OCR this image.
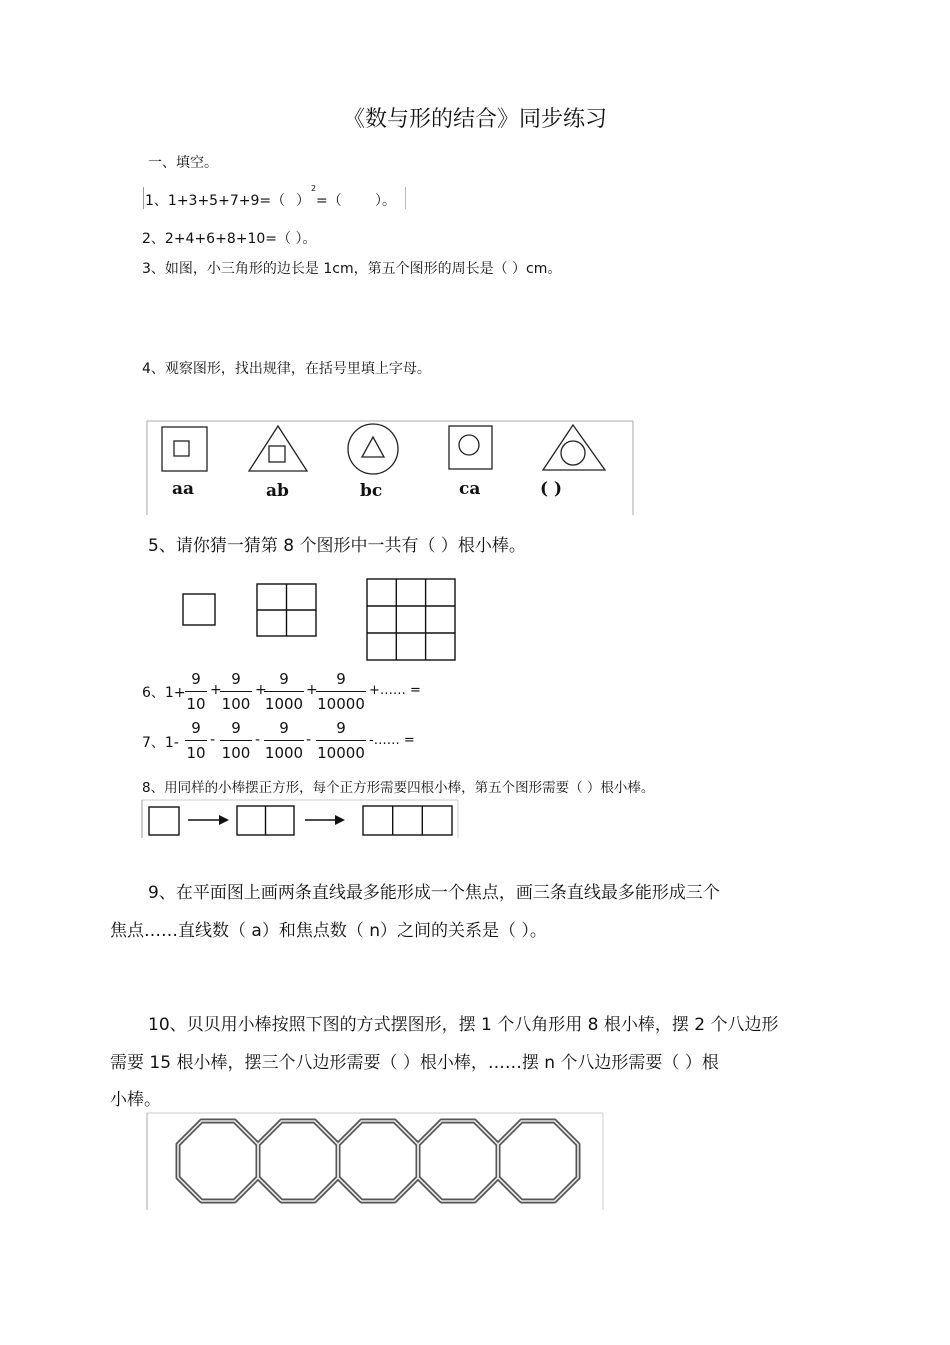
《数与形的结合》同步练习
一、填空。
1、1+3+5+7+9=（ ）
2
=（ ）。
2、2+4+6+8+10=（ ）。
3、如图，小三角形的边长是 1cm，第五个图形的周长是（ ）cm。
4、观察图形，找出规律，在括号里填上字母。
aa	ab	bc	ca	( )
5、请你猜一猜第 8 个图形中一共有（ ）根小棒。
6、1+
9
10
+
9
100
+
9
1000
+
9
10000
+…… =
7、1-
9
10
-
9
100
-
9
1000
-
9
10000
-…… =
8、用同样的小棒摆正方形，每个正方形需要四根小棒，第五个图形需要（ ）根小棒。
9、在平面图上画两条直线最多能形成一个焦点，画三条直线最多能形成三个
焦点……直线数（ a）和焦点数（ n）之间的关系是（ ）。
10、贝贝用小棒按照下图的方式摆图形，摆 1 个八角形用 8 根小棒，摆 2 个八边形
需要 15 根小棒，摆三个八边形需要（ ）根小棒，……摆 n 个八边形需要（ ）根
小棒。
